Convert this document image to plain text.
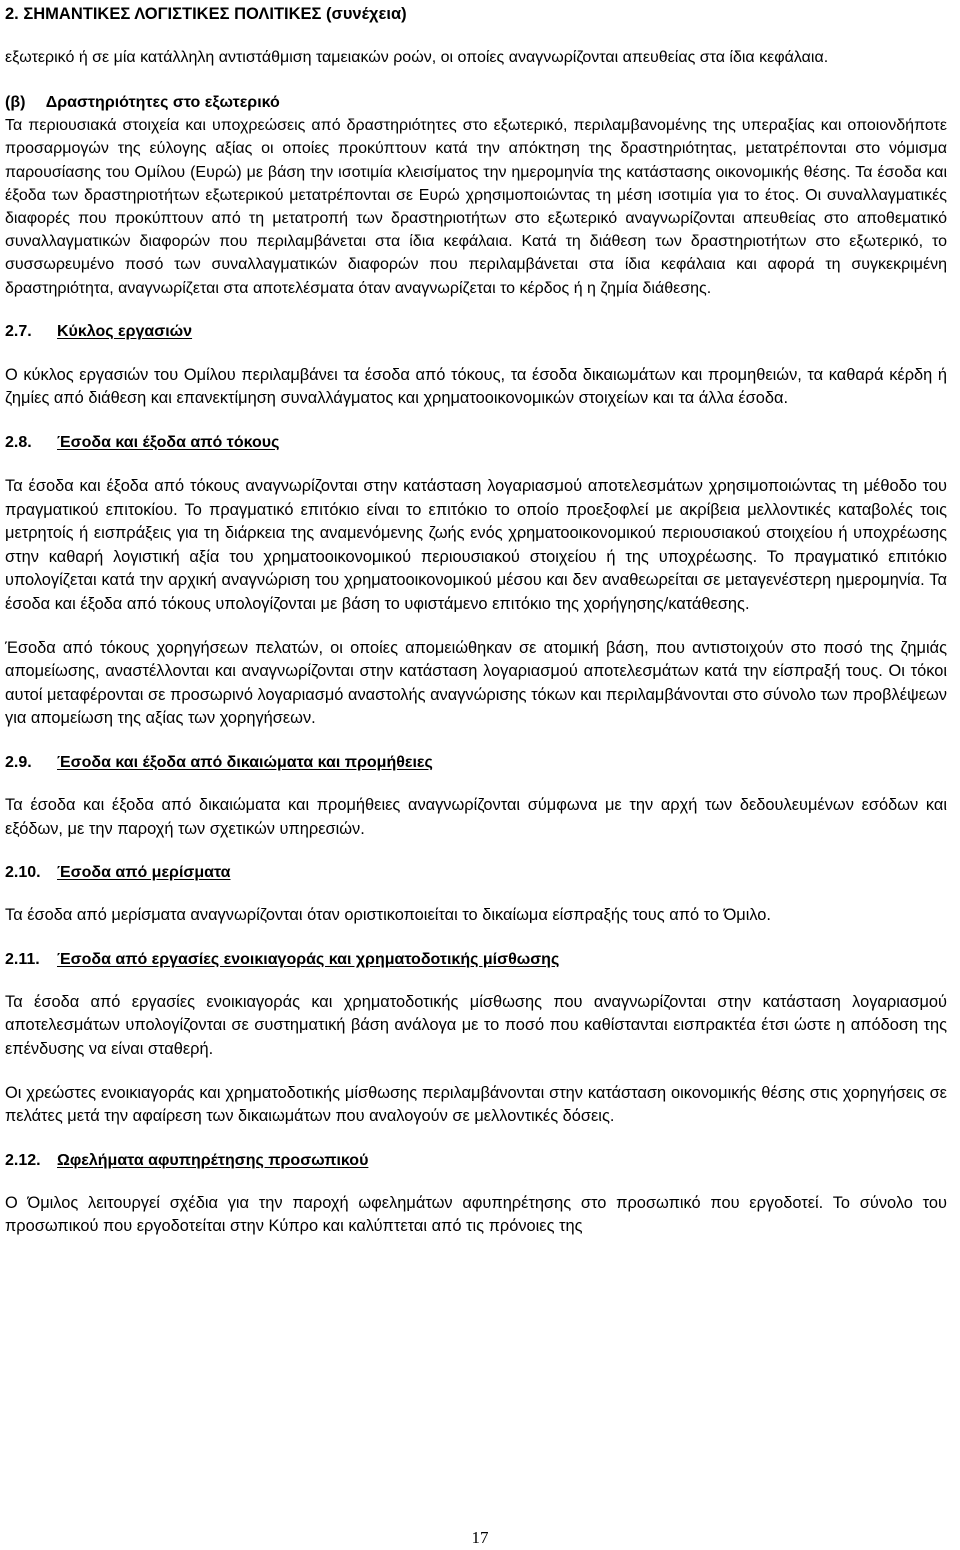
2. ΣΗΜΑΝΤΙΚΕΣ ΛΟΓΙΣΤΙΚΕΣ ΠΟΛΙΤΙΚΕΣ (συνέχεια)

εξωτερικό ή σε μία κατάλληλη αντιστάθμιση ταμειακών ροών, οι οποίες αναγνωρίζονται απευθείας στα ίδια κεφάλαια.

(β) Δραστηριότητες στο εξωτερικό

Τα περιουσιακά στοιχεία και υποχρεώσεις από δραστηριότητες στο εξωτερικό, περιλαμβανομένης της υπεραξίας και οποιονδήποτε προσαρμογών της εύλογης αξίας οι οποίες προκύπτουν κατά την απόκτηση της δραστηριότητας, μετατρέπονται στο νόμισμα παρουσίασης του Ομίλου (Ευρώ) με βάση την ισοτιμία κλεισίματος την ημερομηνία της κατάστασης οικονομικής θέσης. Τα έσοδα και έξοδα των δραστηριοτήτων εξωτερικού μετατρέπονται σε Ευρώ χρησιμοποιώντας τη μέση ισοτιμία για το έτος. Οι συναλλαγματικές διαφορές που προκύπτουν από τη μετατροπή των δραστηριοτήτων στο εξωτερικό αναγνωρίζονται απευθείας στο αποθεματικό συναλλαγματικών διαφορών που περιλαμβάνεται στα ίδια κεφάλαια. Κατά τη διάθεση των δραστηριοτήτων στο εξωτερικό, το συσσωρευμένο ποσό των συναλλαγματικών διαφορών που περιλαμβάνεται στα ίδια κεφάλαια και αφορά τη συγκεκριμένη δραστηριότητα, αναγνωρίζεται στα αποτελέσματα όταν αναγνωρίζεται το κέρδος ή η ζημία διάθεσης.

2.7.	Κύκλος εργασιών

Ο κύκλος εργασιών του Ομίλου περιλαμβάνει τα έσοδα από τόκους, τα έσοδα δικαιωμάτων και προμηθειών, τα καθαρά κέρδη ή ζημίες από διάθεση και επανεκτίμηση συναλλάγματος και χρηματοοικονομικών στοιχείων και τα άλλα έσοδα.

2.8.	Έσοδα και έξοδα από τόκους

Τα έσοδα και έξοδα από τόκους αναγνωρίζονται στην κατάσταση λογαριασμού αποτελεσμάτων χρησιμοποιώντας τη μέθοδο του πραγματικού επιτοκίου. Το πραγματικό επιτόκιο είναι το επιτόκιο το οποίο προεξοφλεί με ακρίβεια μελλοντικές καταβολές τοις μετρητοίς ή εισπράξεις για τη διάρκεια της αναμενόμενης ζωής ενός χρηματοοικονομικού περιουσιακού στοιχείου ή υποχρέωσης στην καθαρή λογιστική αξία του χρηματοοικονομικού περιουσιακού στοιχείου ή της υποχρέωσης. Το πραγματικό επιτόκιο υπολογίζεται κατά την αρχική αναγνώριση του χρηματοοικονομικού μέσου και δεν αναθεωρείται σε μεταγενέστερη ημερομηνία. Τα έσοδα και έξοδα από τόκους υπολογίζονται με βάση το υφιστάμενο επιτόκιο της χορήγησης/κατάθεσης.

Έσοδα από τόκους χορηγήσεων πελατών, οι οποίες απομειώθηκαν σε ατομική βάση, που αντιστοιχούν στο ποσό της ζημιάς απομείωσης, αναστέλλονται και αναγνωρίζονται στην κατάσταση λογαριασμού αποτελεσμάτων κατά την είσπραξή τους. Οι τόκοι αυτοί μεταφέρονται σε προσωρινό λογαριασμό αναστολής αναγνώρισης τόκων και περιλαμβάνονται στο σύνολο των προβλέψεων για απομείωση της αξίας των χορηγήσεων.

2.9.	Έσοδα και έξοδα από δικαιώματα και προμήθειες

Τα έσοδα και έξοδα από δικαιώματα και προμήθειες αναγνωρίζονται σύμφωνα με την αρχή των δεδουλευμένων εσόδων και εξόδων, με την παροχή των σχετικών υπηρεσιών.

2.10.	Έσοδα από μερίσματα

Τα έσοδα από μερίσματα αναγνωρίζονται όταν οριστικοποιείται το δικαίωμα είσπραξής τους από το Όμιλο.

2.11.	Έσοδα από εργασίες ενοικιαγοράς και χρηματοδοτικής μίσθωσης

Τα έσοδα από εργασίες ενοικιαγοράς και χρηματοδοτικής μίσθωσης που αναγνωρίζονται στην κατάσταση λογαριασμού αποτελεσμάτων υπολογίζονται σε συστηματική βάση ανάλογα με το ποσό που καθίστανται εισπρακτέα έτσι ώστε η απόδοση της επένδυσης να είναι σταθερή.

Οι χρεώστες ενοικιαγοράς και χρηματοδοτικής μίσθωσης περιλαμβάνονται στην κατάσταση οικονομικής θέσης στις χορηγήσεις σε πελάτες μετά την αφαίρεση των δικαιωμάτων που αναλογούν σε μελλοντικές δόσεις.

2.12.	Ωφελήματα αφυπηρέτησης προσωπικού

Ο Όμιλος λειτουργεί σχέδια για την παροχή ωφελημάτων αφυπηρέτησης στο προσωπικό που εργοδοτεί. Το σύνολο του προσωπικού που εργοδοτείται στην Κύπρο και καλύπτεται από τις πρόνοιες της

17
